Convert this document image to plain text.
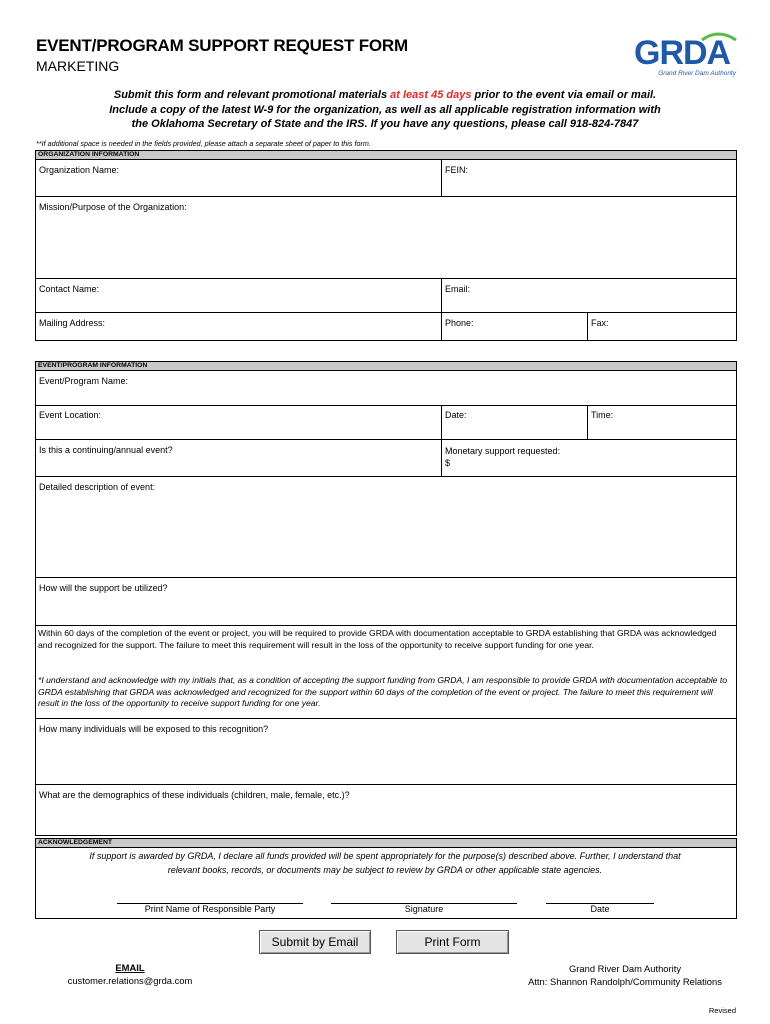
EVENT/PROGRAM SUPPORT REQUEST FORM
MARKETING	GRDA
Grand River Dam Authority
Submit this form and relevant promotional materials at least 45 days prior to the event via email or mail.
Include a copy of the latest W-9 for the organization, as well as all applicable registration information with
the Oklahoma Secretary of State and the IRS. If you have any questions, please call 918-824-7847
**If additional space is needed in the fields provided, please attach a separate sheet of paper to this form.
ORGANIZATION INFORMATION
Organization Name:	FEIN:
Mission/Purpose of the Organization:
Contact Name:	Email:
Mailing Address:	Phone:	Fax:
EVENT/PROGRAM INFORMATION
Event/Program Name:
Event Location:	Date:	Time:
Is this a continuing/annual event?	Monetary support requested:
$
Detailed description of event:
How will the support be utilized?
Within 60 days of the completion of the event or project, you will be required to provide GRDA with documentation acceptable to GRDA establishing that GRDA was acknowledged and recognized for the support. The failure to meet this requirement will result in the loss of the opportunity to receive support funding for one year.
*I understand and acknowledge with my initials that, as a condition of accepting the support funding from GRDA, I am responsible to provide GRDA with documentation acceptable to GRDA establishing that GRDA was acknowledged and recognized for the support within 60 days of the completion of the event or project. The failure to meet this requirement will result in the loss of the opportunity to receive support funding for one year.
How many individuals will be exposed to this recognition?
What are the demographics of these individuals (children, male, female, etc.)?
ACKNOWLEDGEMENT
If support is awarded by GRDA, I declare all funds provided will be spent appropriately for the purpose(s) described above. Further, I understand that
relevant books, records, or documents may be subject to review by GRDA or other applicable state agencies.
Print Name of Responsible Party	Signature	Date
Submit by Email	Print Form
EMAIL
customer.relations@grda.com
Grand River Dam Authority
Attn: Shannon Randolph/Community Relations
Revised
